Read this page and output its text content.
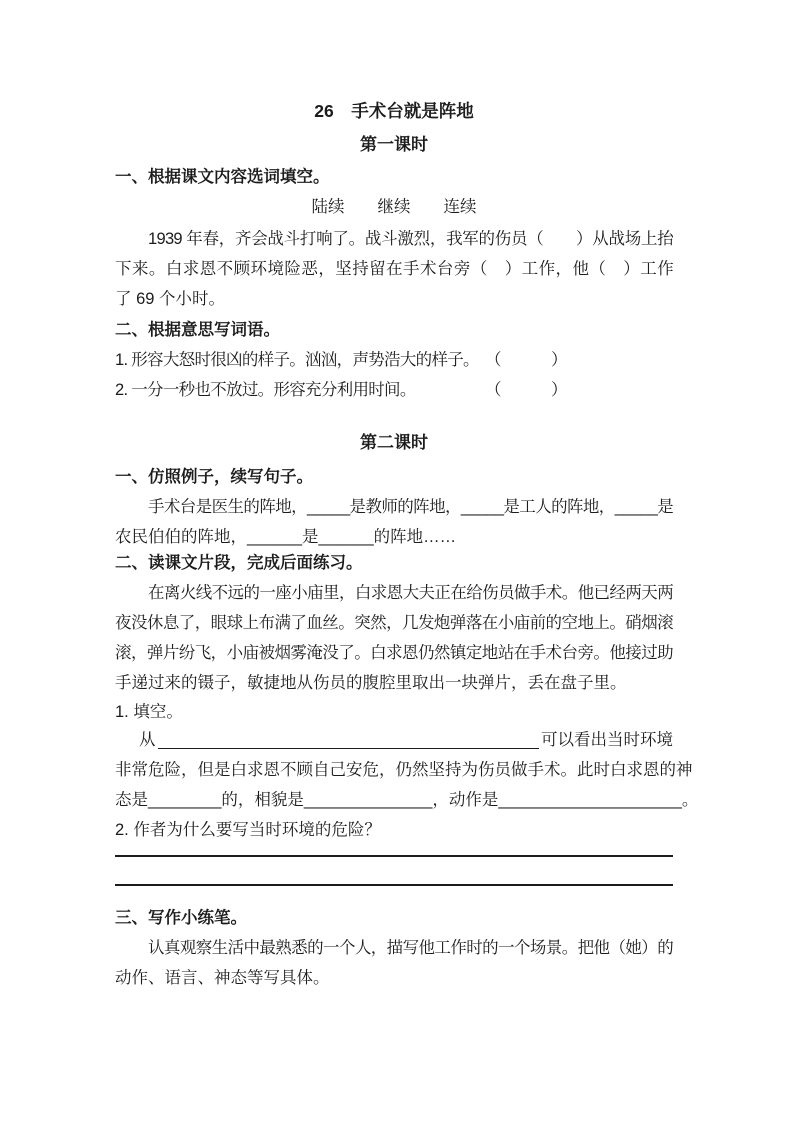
26　手术台就是阵地
第一课时
一、根据课文内容选词填空。
陆续　　继续　　连续
1939 年春，齐会战斗打响了。战斗激烈，我军的伤员（　　）从战场上抬
下来。白求恩不顾环境险恶，坚持留在手术台旁（　）工作，他（　）工作
了 69 个小时。
二、根据意思写词语。
1. 形容大怒时很凶的样子。汹汹，声势浩大的样子。 （　　　）
2. 一分一秒也不放过。形容充分利用时间。	（　　　）
第二课时
一、仿照例子，续写句子。
手术台是医生的阵地，_____是教师的阵地，_____是工人的阵地，_____是
农民伯伯的阵地，______是______的阵地……
二、读课文片段，完成后面练习。
在离火线不远的一座小庙里，白求恩大夫正在给伤员做手术。他已经两天两
夜没休息了，眼球上布满了血丝。突然，几发炮弹落在小庙前的空地上。硝烟滚
滚，弹片纷飞，小庙被烟雾淹没了。白求恩仍然镇定地站在手术台旁。他接过助
手递过来的镊子，敏捷地从伤员的腹腔里取出一块弹片，丢在盘子里。
1. 填空。
从	可以看出当时环境
非常危险，但是白求恩不顾自己安危，仍然坚持为伤员做手术。此时白求恩的神
态是________的，相貌是______________，动作是____________________。
2. 作者为什么要写当时环境的危险？
三、写作小练笔。
认真观察生活中最熟悉的一个人，描写他工作时的一个场景。把他（她）的
动作、语言、神态等写具体。
